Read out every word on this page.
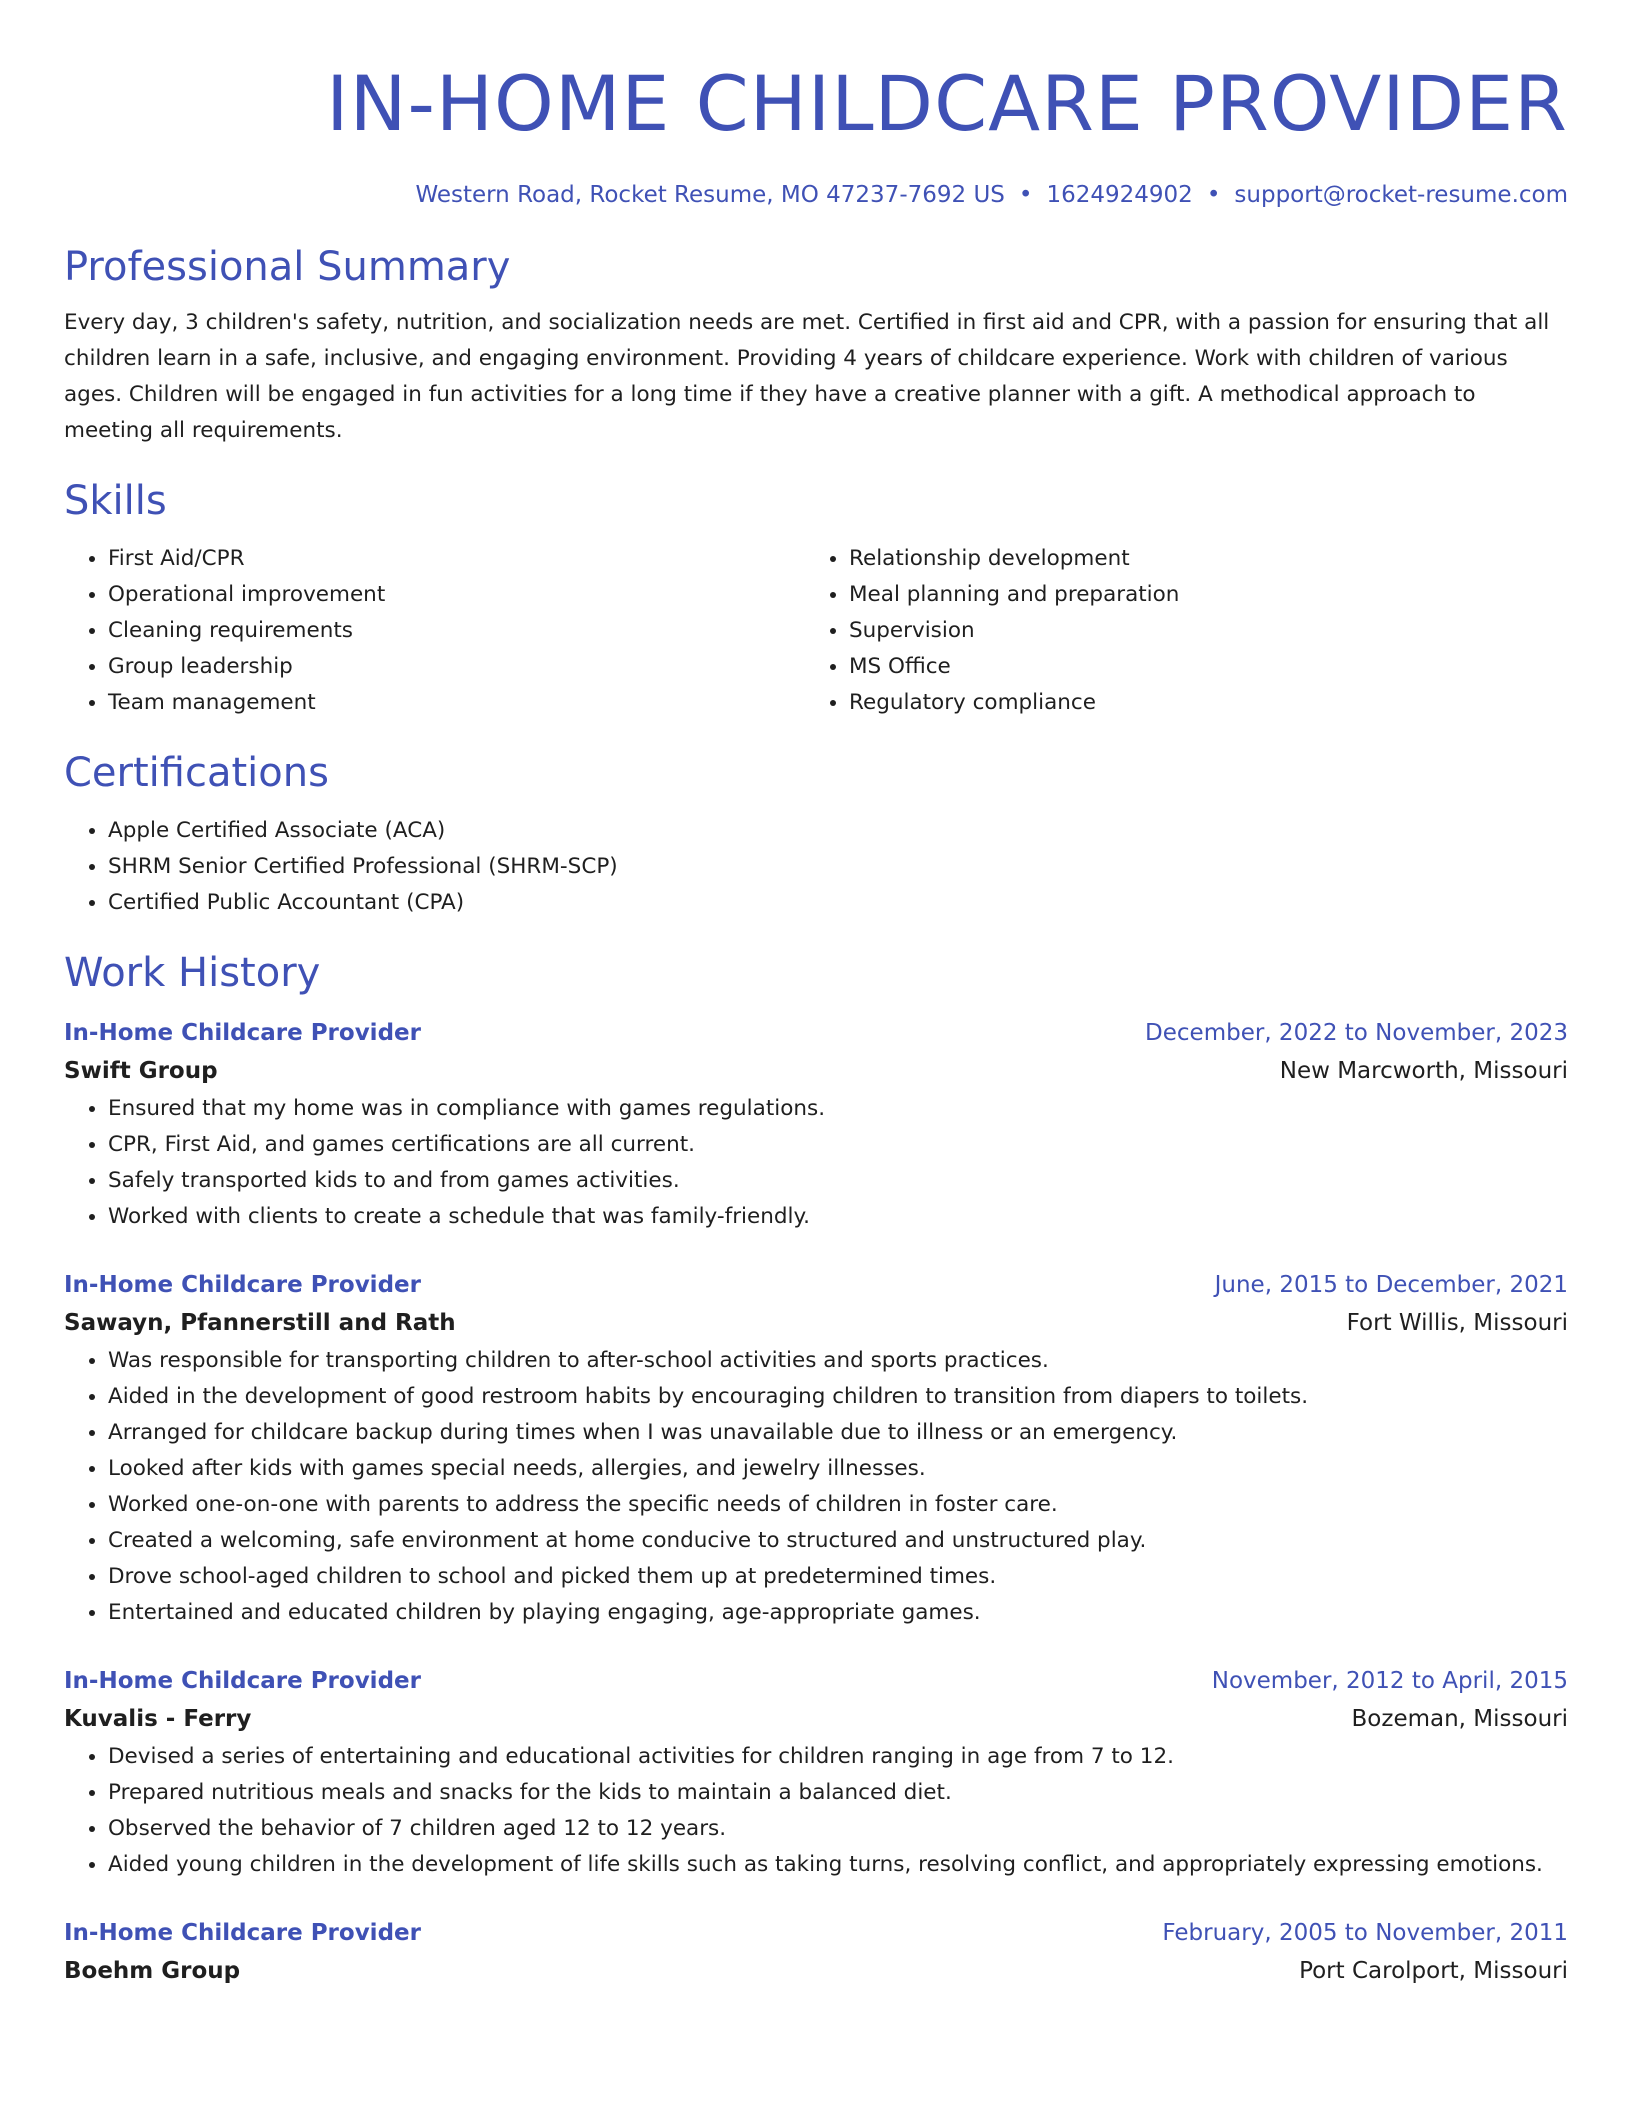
IN-HOME CHILDCARE PROVIDER
Western Road, Rocket Resume, MO 47237-7692 US • 1624924902 • support@rocket-resume.com
Professional Summary

Every day, 3 children's safety, nutrition, and socialization needs are met. Certified in first aid and CPR, with a passion for ensuring that all children learn in a safe, inclusive, and engaging environment. Providing 4 years of childcare experience. Work with children of various ages. Children will be engaged in fun activities for a long time if they have a creative planner with a gift. A methodical approach to meeting all requirements.

Skills
• First Aid/CPR
• Operational improvement
• Cleaning requirements
• Group leadership
• Team management
• Relationship development
• Meal planning and preparation
• Supervision
• MS Office
• Regulatory compliance
Certifications
• Apple Certified Associate (ACA)
• SHRM Senior Certified Professional (SHRM-SCP)
• Certified Public Accountant (CPA)
Work History
In-Home Childcare Provider	December, 2022 to November, 2023
Swift Group	New Marcworth, Missouri
• Ensured that my home was in compliance with games regulations.
• CPR, First Aid, and games certifications are all current.
• Safely transported kids to and from games activities.
• Worked with clients to create a schedule that was family-friendly.
In-Home Childcare Provider	June, 2015 to December, 2021
Sawayn, Pfannerstill and Rath	Fort Willis, Missouri
• Was responsible for transporting children to after-school activities and sports practices.
• Aided in the development of good restroom habits by encouraging children to transition from diapers to toilets.
• Arranged for childcare backup during times when I was unavailable due to illness or an emergency.
• Looked after kids with games special needs, allergies, and jewelry illnesses.
• Worked one-on-one with parents to address the specific needs of children in foster care.
• Created a welcoming, safe environment at home conducive to structured and unstructured play.
• Drove school-aged children to school and picked them up at predetermined times.
• Entertained and educated children by playing engaging, age-appropriate games.
In-Home Childcare Provider	November, 2012 to April, 2015
Kuvalis - Ferry	Bozeman, Missouri
• Devised a series of entertaining and educational activities for children ranging in age from 7 to 12.
• Prepared nutritious meals and snacks for the kids to maintain a balanced diet.
• Observed the behavior of 7 children aged 12 to 12 years.
• Aided young children in the development of life skills such as taking turns, resolving conflict, and appropriately expressing emotions.
In-Home Childcare Provider	February, 2005 to November, 2011
Boehm Group	Port Carolport, Missouri
